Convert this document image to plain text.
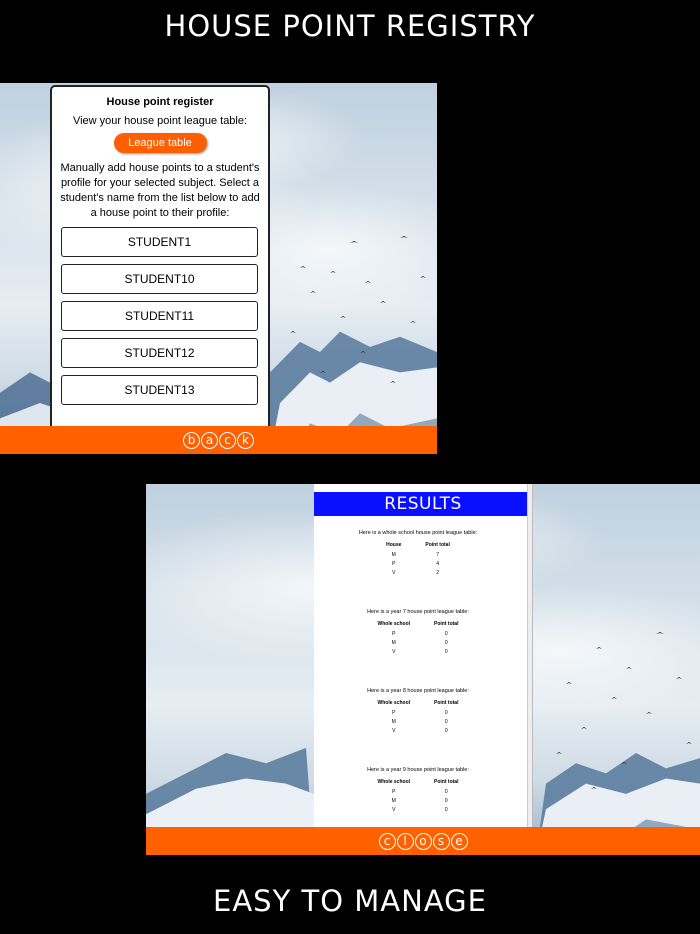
HOUSE POINT REGISTRY
House point register
View your house point league table:
League table
Manually add house points to a student's profile for your selected subject. Select a student's name from the list below to add a house point to their profile:
STUDENT1
STUDENT10
STUDENT11
STUDENT12
STUDENT13
b a c k
RESULTS
Here is a whole school house point league table:
House	Point total
M	7
P	4
V	2
Here is a year 7 house point league table:
Whole school	Point total
P	0
M	0
V	0
Here is a year 8 house point league table:
Whole school	Point total
P	0
M	0
V	0
Here is a year 9 house point league table:
Whole school	Point total
P	0
M	0
V	0
c l o s e
EASY TO MANAGE
